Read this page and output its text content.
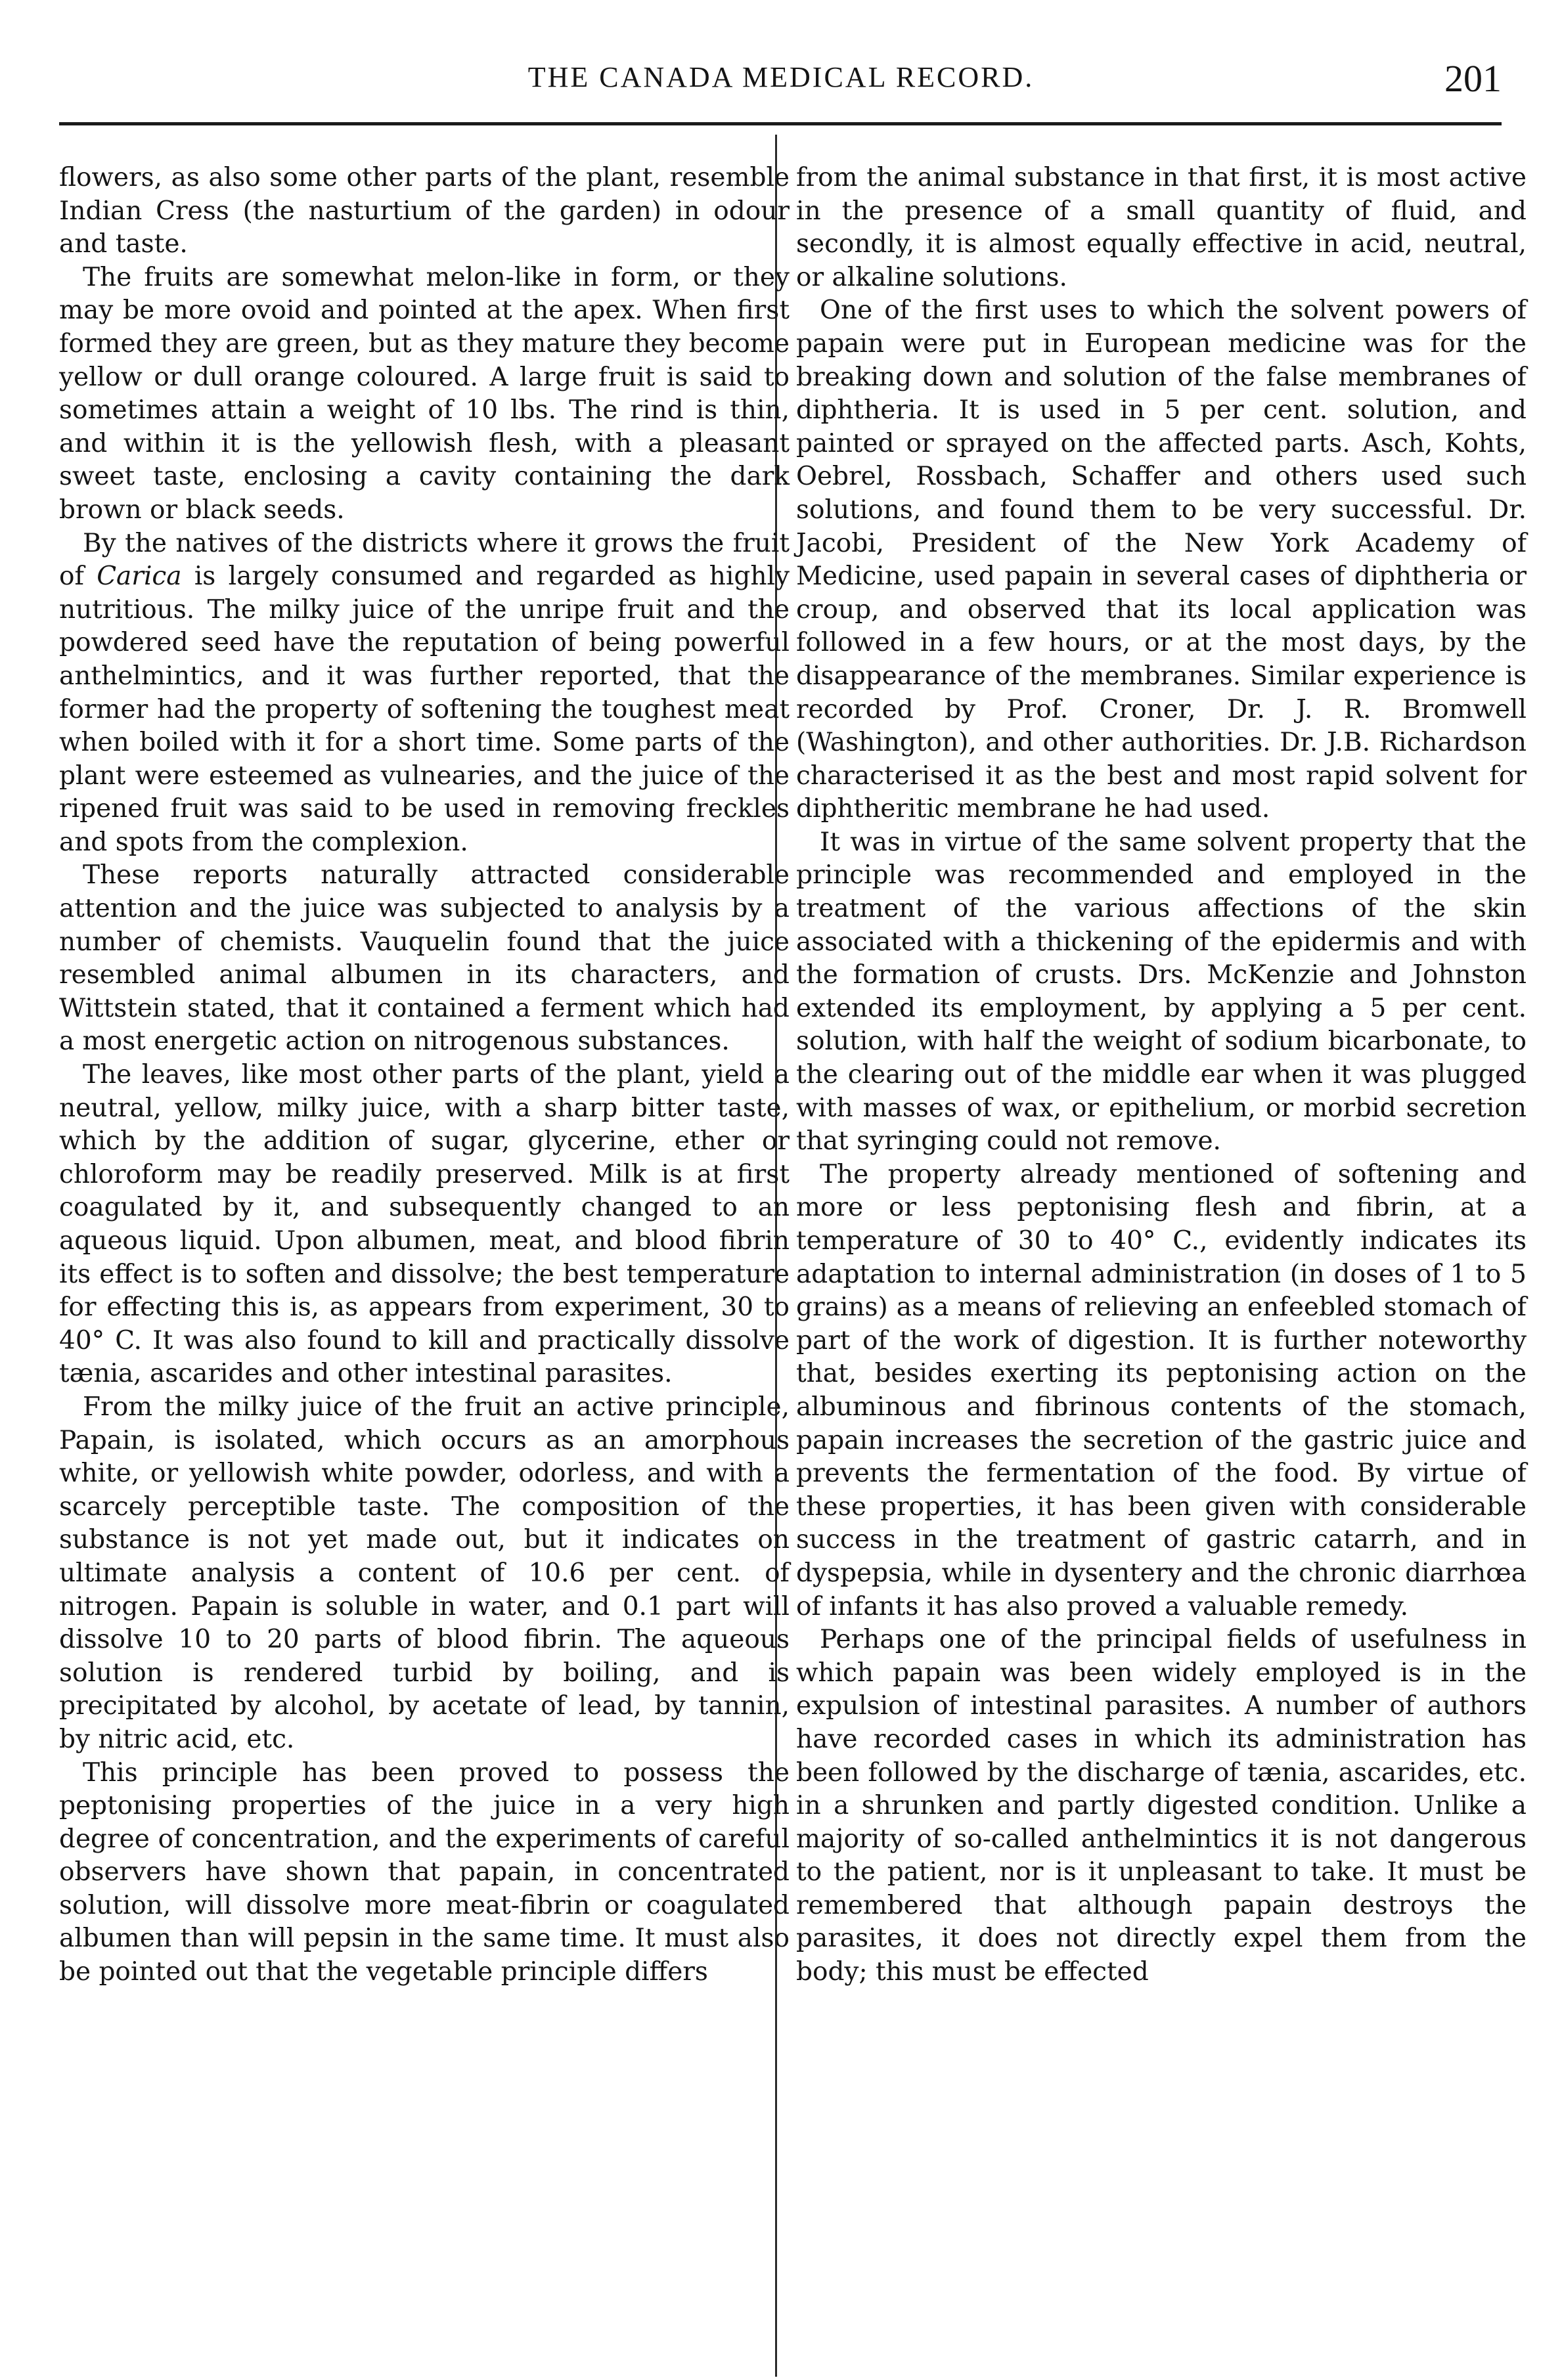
THE CANADA MEDICAL RECORD.	201

flowers, as also some other parts of the plant, resemble Indian Cress (the nasturtium of the garden) in odour and taste.

The fruits are somewhat melon-like in form, or they may be more ovoid and pointed at the apex. When first formed they are green, but as they mature they become yellow or dull orange coloured. A large fruit is said to sometimes attain a weight of 10 lbs. The rind is thin, and within it is the yellowish flesh, with a pleasant sweet taste, enclosing a cavity containing the dark brown or black seeds.

By the natives of the districts where it grows the fruit of Carica is largely consumed and regarded as highly nutritious. The milky juice of the unripe fruit and the powdered seed have the reputation of being powerful anthelmintics, and it was further reported, that the former had the property of softening the toughest meat when boiled with it for a short time. Some parts of the plant were esteemed as vulnearies, and the juice of the ripened fruit was said to be used in removing freckles and spots from the complexion.

These reports naturally attracted considerable attention and the juice was subjected to analysis by a number of chemists. Vauquelin found that the juice resembled animal albumen in its characters, and Wittstein stated, that it contained a ferment which had a most energetic action on nitrogenous substances.

The leaves, like most other parts of the plant, yield a neutral, yellow, milky juice, with a sharp bitter taste, which by the addition of sugar, glycerine, ether or chloroform may be readily preserved. Milk is at first coagulated by it, and subsequently changed to an aqueous liquid. Upon albumen, meat, and blood fibrin its effect is to soften and dissolve; the best temperature for effecting this is, as appears from experiment, 30 to 40° C. It was also found to kill and practically dissolve tænia, ascarides and other intestinal parasites.

From the milky juice of the fruit an active principle, Papain, is isolated, which occurs as an amorphous white, or yellowish white powder, odorless, and with a scarcely perceptible taste. The composition of the substance is not yet made out, but it indicates on ultimate analysis a content of 10.6 per cent. of nitrogen. Papain is soluble in water, and 0.1 part will dissolve 10 to 20 parts of blood fibrin. The aqueous solution is rendered turbid by boiling, and is precipitated by alcohol, by acetate of lead, by tannin, by nitric acid, etc.

This principle has been proved to possess the peptonising properties of the juice in a very high degree of concentration, and the experiments of careful observers have shown that papain, in concentrated solution, will dissolve more meat-fibrin or coagulated albumen than will pepsin in the same time. It must also be pointed out that the vegetable principle differs

from the animal substance in that first, it is most active in the presence of a small quantity of fluid, and secondly, it is almost equally effective in acid, neutral, or alkaline solutions.

One of the first uses to which the solvent powers of papain were put in European medicine was for the breaking down and solution of the false membranes of diphtheria. It is used in 5 per cent. solution, and painted or sprayed on the affected parts. Asch, Kohts, Oebrel, Rossbach, Schaffer and others used such solutions, and found them to be very successful. Dr. Jacobi, President of the New York Academy of Medicine, used papain in several cases of diphtheria or croup, and observed that its local application was followed in a few hours, or at the most days, by the disappearance of the membranes. Similar experience is recorded by Prof. Croner, Dr. J. R. Bromwell (Washington), and other authorities. Dr. J.B. Richardson characterised it as the best and most rapid solvent for diphtheritic membrane he had used.

It was in virtue of the same solvent property that the principle was recommended and employed in the treatment of the various affections of the skin associated with a thickening of the epidermis and with the formation of crusts. Drs. McKenzie and Johnston extended its employment, by applying a 5 per cent. solution, with half the weight of sodium bicarbonate, to the clearing out of the middle ear when it was plugged with masses of wax, or epithelium, or morbid secretion that syringing could not remove.

The property already mentioned of softening and more or less peptonising flesh and fibrin, at a temperature of 30 to 40° C., evidently indicates its adaptation to internal administration (in doses of 1 to 5 grains) as a means of relieving an enfeebled stomach of part of the work of digestion. It is further noteworthy that, besides exerting its peptonising action on the albuminous and fibrinous contents of the stomach, papain increases the secretion of the gastric juice and prevents the fermentation of the food. By virtue of these properties, it has been given with considerable success in the treatment of gastric catarrh, and in dyspepsia, while in dysentery and the chronic diarrhœa of infants it has also proved a valuable remedy.

Perhaps one of the principal fields of usefulness in which papain was been widely employed is in the expulsion of intestinal parasites. A number of authors have recorded cases in which its administration has been followed by the discharge of tænia, ascarides, etc. in a shrunken and partly digested condition. Unlike a majority of so-called anthelmintics it is not dangerous to the patient, nor is it unpleasant to take. It must be remembered that although papain destroys the parasites, it does not directly expel them from the body; this must be effected
